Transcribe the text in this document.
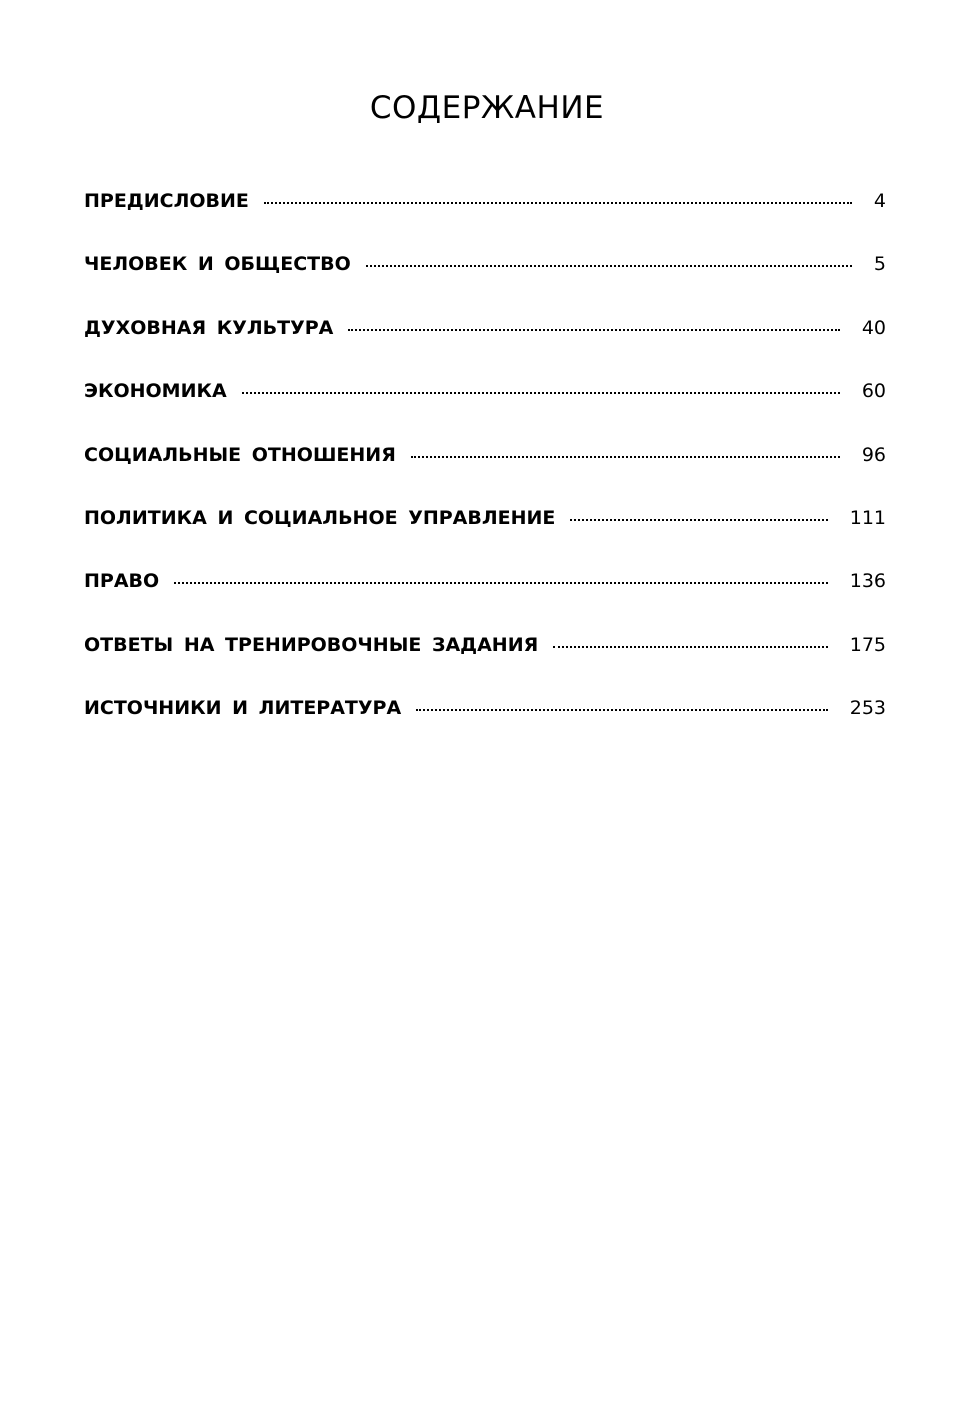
СОДЕРЖАНИЕ
ПРЕДИСЛОВИЕ	4
ЧЕЛОВЕК И ОБЩЕСТВО	5
ДУХОВНАЯ КУЛЬТУРА	40
ЭКОНОМИКА	60
СОЦИАЛЬНЫЕ ОТНОШЕНИЯ	96
ПОЛИТИКА И СОЦИАЛЬНОЕ УПРАВЛЕНИЕ	111
ПРАВО	136
ОТВЕТЫ НА ТРЕНИРОВОЧНЫЕ ЗАДАНИЯ	175
ИСТОЧНИКИ И ЛИТЕРАТУРА	253
